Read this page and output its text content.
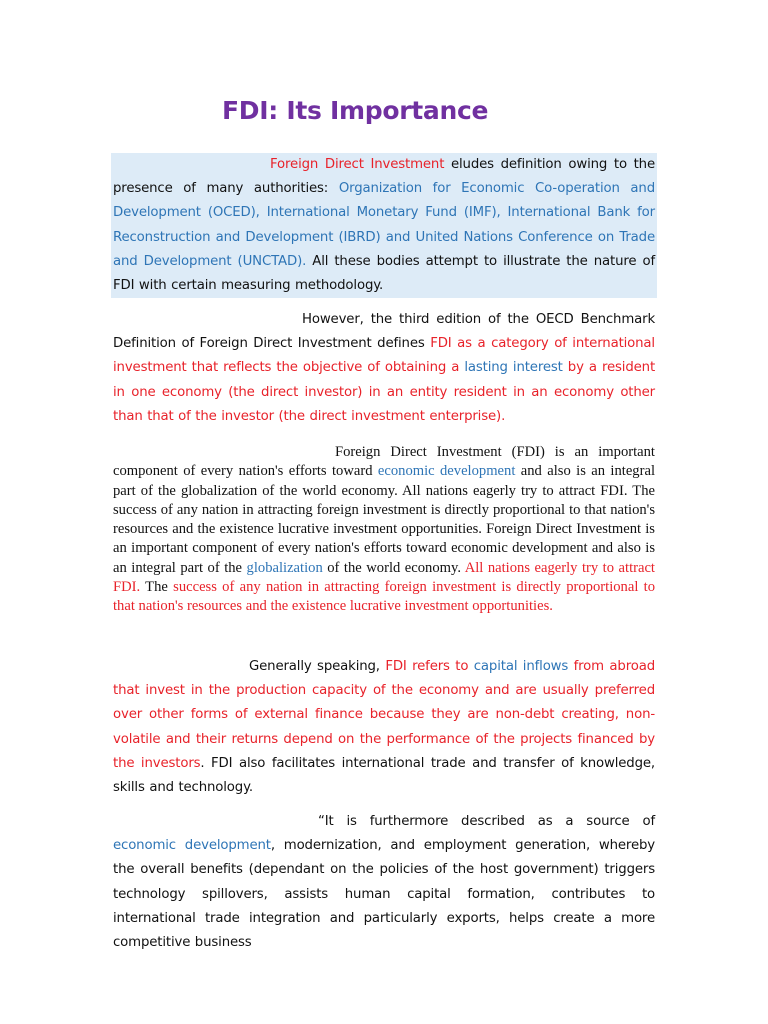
FDI: Its Importance

Foreign Direct Investment eludes definition owing to the presence of many authorities: Organization for Economic Co-operation and Development (OCED), International Monetary Fund (IMF), International Bank for Reconstruction and Development (IBRD) and United Nations Conference on Trade and Development (UNCTAD). All these bodies attempt to illustrate the nature of FDI with certain measuring methodology.

However, the third edition of the OECD Benchmark Definition of Foreign Direct Investment defines FDI as a category of international investment that reflects the objective of obtaining a lasting interest by a resident in one economy (the direct investor) in an entity resident in an economy other than that of the investor (the direct investment enterprise).

Foreign Direct Investment (FDI) is an important component of every nation's efforts toward economic development and also is an integral part of the globalization of the world economy. All nations eagerly try to attract FDI. The success of any nation in attracting foreign investment is directly proportional to that nation's resources and the existence lucrative investment opportunities. Foreign Direct Investment is an important component of every nation's efforts toward economic development and also is an integral part of the globalization of the world economy. All nations eagerly try to attract FDI. The success of any nation in attracting foreign investment is directly proportional to that nation's resources and the existence lucrative investment opportunities.

Generally speaking, FDI refers to capital inflows from abroad that invest in the production capacity of the economy and are usually preferred over other forms of external finance because they are non-debt creating, non-volatile and their returns depend on the performance of the projects financed by the investors. FDI also facilitates international trade and transfer of knowledge, skills and technology.

“It is furthermore described as a source of economic development, modernization, and employment generation, whereby the overall benefits (dependant on the policies of the host government) triggers technology spillovers, assists human capital formation, contributes to international trade integration and particularly exports, helps create a more competitive business
